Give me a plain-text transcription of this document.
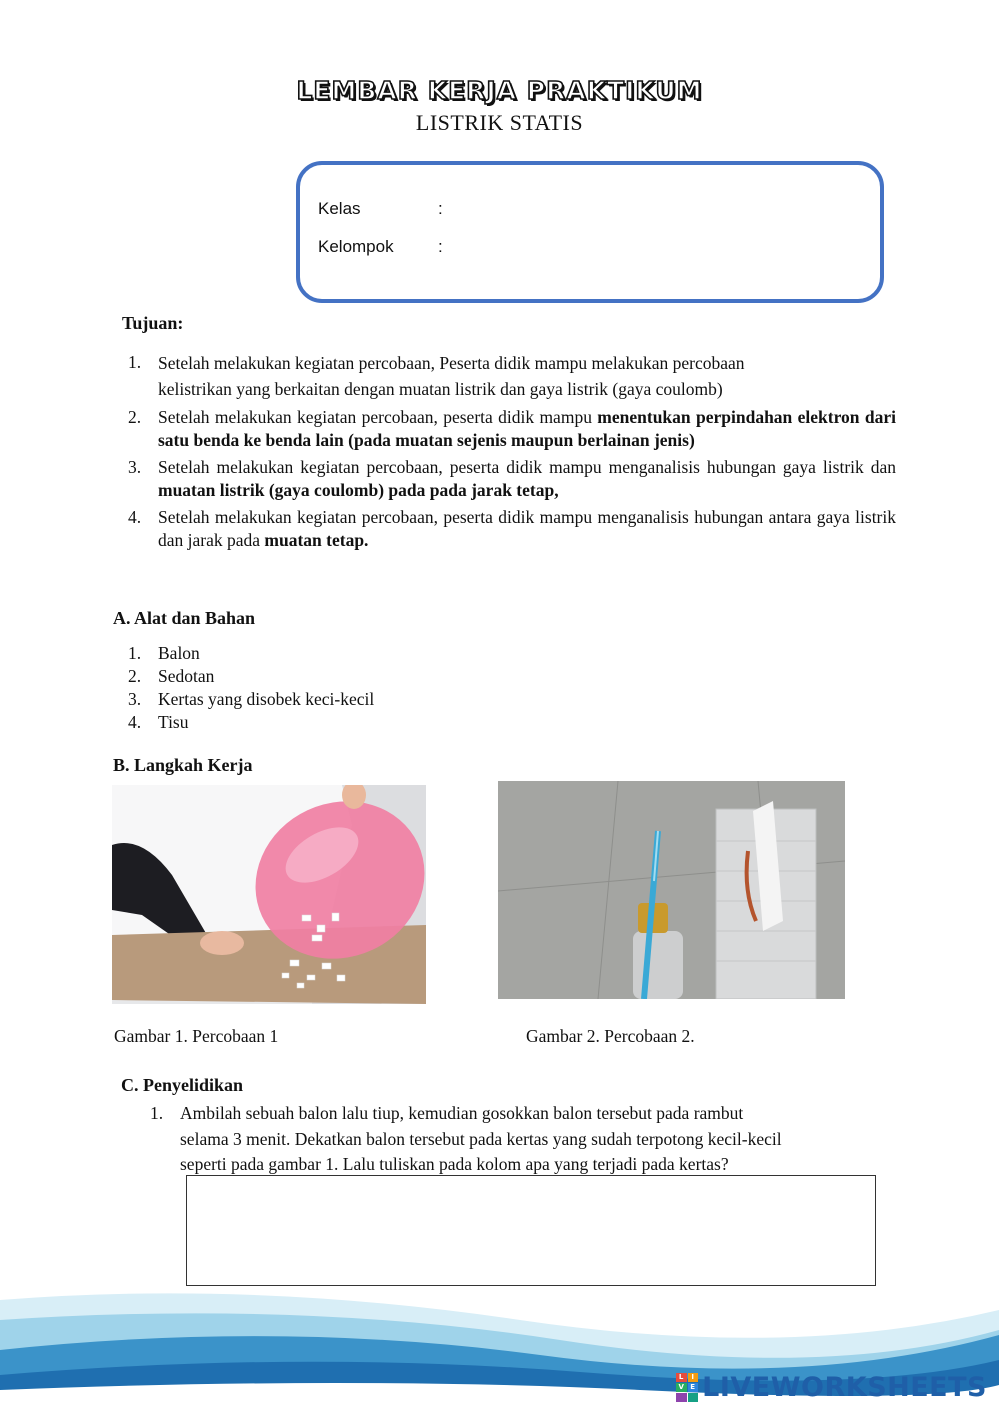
LEMBAR KERJA PRAKTIKUM
LISTRIK STATIS
Kelas	:
Kelompok	:
Tujuan:
1. Setelah melakukan kegiatan percobaan, Peserta didik mampu melakukan percobaan
kelistrikan yang berkaitan dengan muatan listrik dan gaya listrik (gaya coulomb)
2. Setelah melakukan kegiatan percobaan, peserta didik mampu menentukan perpindahan elektron dari satu benda ke benda lain (pada muatan sejenis maupun berlainan jenis)
3. Setelah melakukan kegiatan percobaan, peserta didik mampu menganalisis hubungan gaya listrik dan muatan listrik (gaya coulomb) pada pada jarak tetap,
4. Setelah melakukan kegiatan percobaan, peserta didik mampu menganalisis hubungan antara gaya listrik dan jarak pada muatan tetap.
A. Alat dan Bahan
1. Balon
2. Sedotan
3. Kertas yang disobek keci-kecil
4. Tisu
B. Langkah Kerja
Gambar 1. Percobaan 1	Gambar 2. Percobaan 2.
C. Penyelidikan
1. Ambilah sebuah balon lalu tiup, kemudian gosokkan balon tersebut pada rambut
selama 3 menit. Dekatkan balon tersebut pada kertas yang sudah terpotong kecil-kecil
seperti pada gambar 1. Lalu tuliskan pada kolom apa yang terjadi pada kertas?
L	I
V E LIVEWORKSHEETS
